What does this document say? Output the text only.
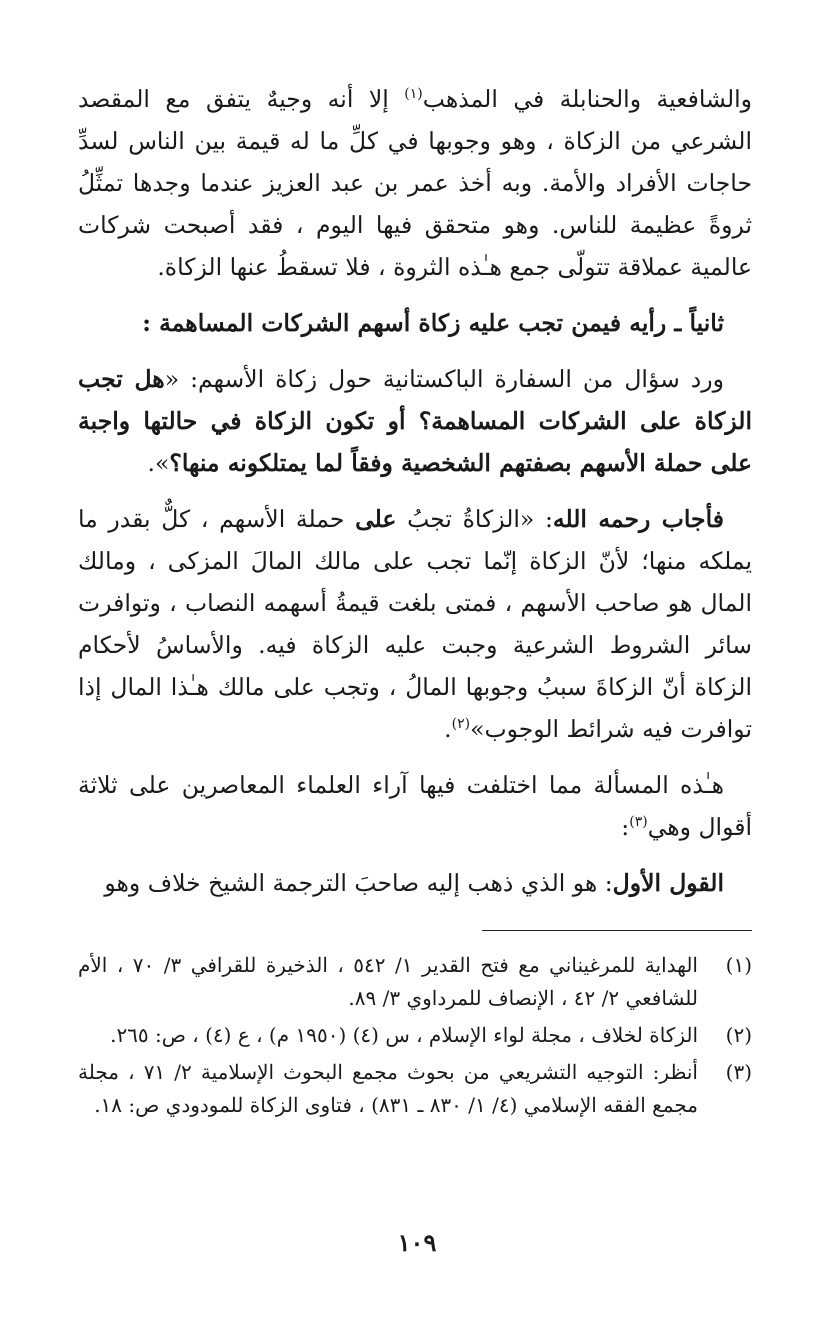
والشافعية والحنابلة في المذهب$^{(١)}$ إلا أنه وجيهٌ يتفق مع المقصد الشرعي من الزكاة ، وهو وجوبها في كلِّ ما له قيمة بين الناس لسدِّ حاجات الأفراد والأمة. وبه أخذ عمر بن عبد العزيز عندما وجدها تمثِّلُ ثروةً عظيمة للناس. وهو متحقق فيها اليوم ، فقد أصبحت شركات عالمية عملاقة تتولّى جمع هـٰذه الثروة ، فلا تسقطُ عنها الزكاة.

ثانياً ـ رأيه فيمن تجب عليه زكاة أسهم الشركات المساهمة :

ورد سؤال من السفارة الباكستانية حول زكاة الأسهم: «هل تجب الزكاة على الشركات المساهمة؟ أو تكون الزكاة في حالتها واجبة على حملة الأسهم بصفتهم الشخصية وفقاً لما يمتلكونه منها؟».

فأجاب رحمه الله: «الزكاةُ تجبُ على حملة الأسهم ، كلٌّ بقدر ما يملكه منها؛ لأنّ الزكاة إنّما تجب على مالك المالَ المزكى ، ومالك المال هو صاحب الأسهم ، فمتى بلغت قيمةُ أسهمه النصاب ، وتوافرت سائر الشروط الشرعية وجبت عليه الزكاة فيه. والأساسُ لأحكام الزكاة أنّ الزكاةَ سببُ وجوبها المالُ ، وتجب على مالك هـٰذا المال إذا توافرت فيه شرائط الوجوب»$^{(٢)}$.

هـٰذه المسألة مما اختلفت فيها آراء العلماء المعاصرين على ثلاثة أقوال وهي$^{(٣)}$:

القول الأول: هو الذي ذهب إليه صاحبَ الترجمة الشيخ خلاف وهو

(١)
الهداية للمرغيناني مع فتح القدير ١/ ٥٤٢ ، الذخيرة للقرافي ٣/ ٧٠ ، الأم للشافعي ٢/ ٤٢ ، الإنصاف للمرداوي ٣/ ٨٩.
(٢)
الزكاة لخلاف ، مجلة لواء الإسلام ، س (٤) (١٩٥٠ م) ، ع (٤) ، ص: ٢٦٥.
(٣)
أنظر: التوجيه التشريعي من بحوث مجمع البحوث الإسلامية ٢/ ٧١ ، مجلة مجمع الفقه الإسلامي (٤/ ١/ ٨٣٠ ـ ٨٣١) ، فتاوى الزكاة للمودودي ص: ١٨.
١٠٩
